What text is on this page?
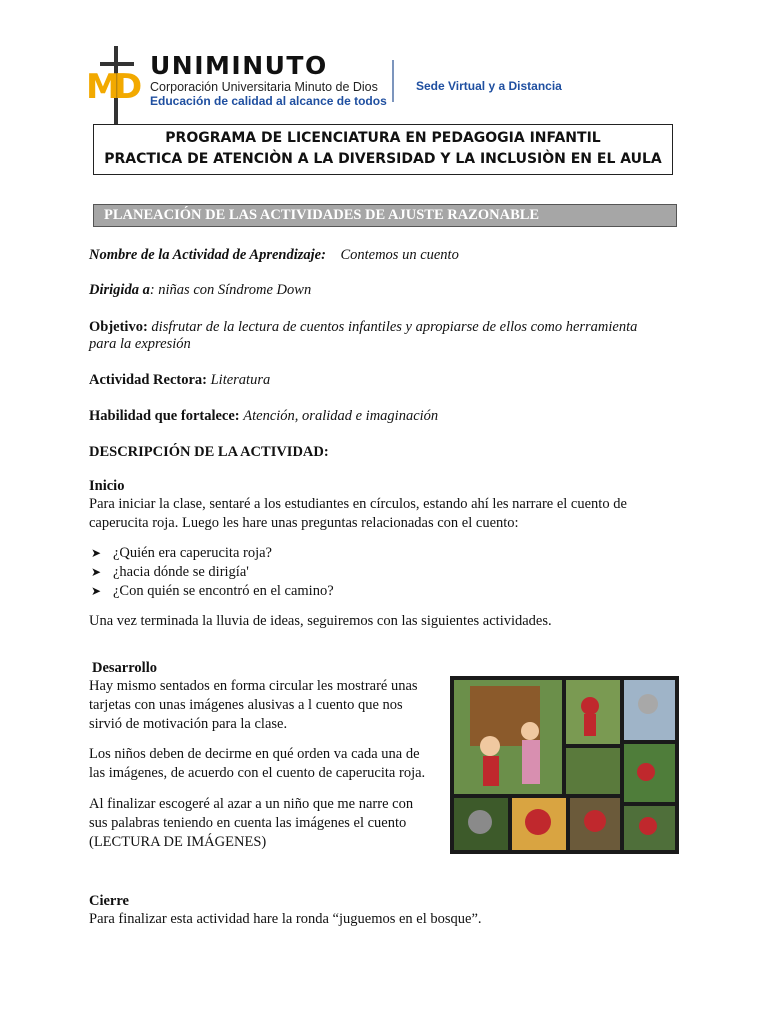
M
D
UNIMINUTO
Corporación Universitaria Minuto de Dios
Educación de calidad al alcance de todos
Sede Virtual y a Distancia
PROGRAMA DE LICENCIATURA EN PEDAGOGIA INFANTIL
PRACTICA DE ATENCIÒN A LA DIVERSIDAD Y LA INCLUSIÒN EN EL AULA
PLANEACIÓN DE LAS ACTIVIDADES DE AJUSTE RAZONABLE
Nombre de la Actividad de Aprendizaje: Contemos un cuento
Dirigida a: niñas con Síndrome Down
Objetivo: disfrutar de la lectura de cuentos infantiles y apropiarse de ellos como herramienta
para la expresión
Actividad Rectora: Literatura
Habilidad que fortalece: Atención, oralidad e imaginación
DESCRIPCIÓN DE LA ACTIVIDAD:
Inicio
Para iniciar la clase, sentaré a los estudiantes en círculos, estando ahí les narrare el cuento de
caperucita roja. Luego les hare unas preguntas relacionadas con el cuento:
➤ ¿Quién era caperucita roja?
➤ ¿hacia dónde se dirigía'
➤ ¿Con quién se encontró en el camino?
Una vez terminada la lluvia de ideas, seguiremos con las siguientes actividades.
Desarrollo
Hay mismo sentados en forma circular les mostraré unas
tarjetas con unas imágenes alusivas a l cuento que nos
sirvió de motivación para la clase.
Los niños deben de decirme en qué orden va cada una de
las imágenes, de acuerdo con el cuento de caperucita roja.
Al finalizar escogeré al azar a un niño que me narre con
sus palabras teniendo en cuenta las imágenes el cuento
(LECTURA DE IMÁGENES)
Cierre
Para finalizar esta actividad hare la ronda “juguemos en el bosque”.
